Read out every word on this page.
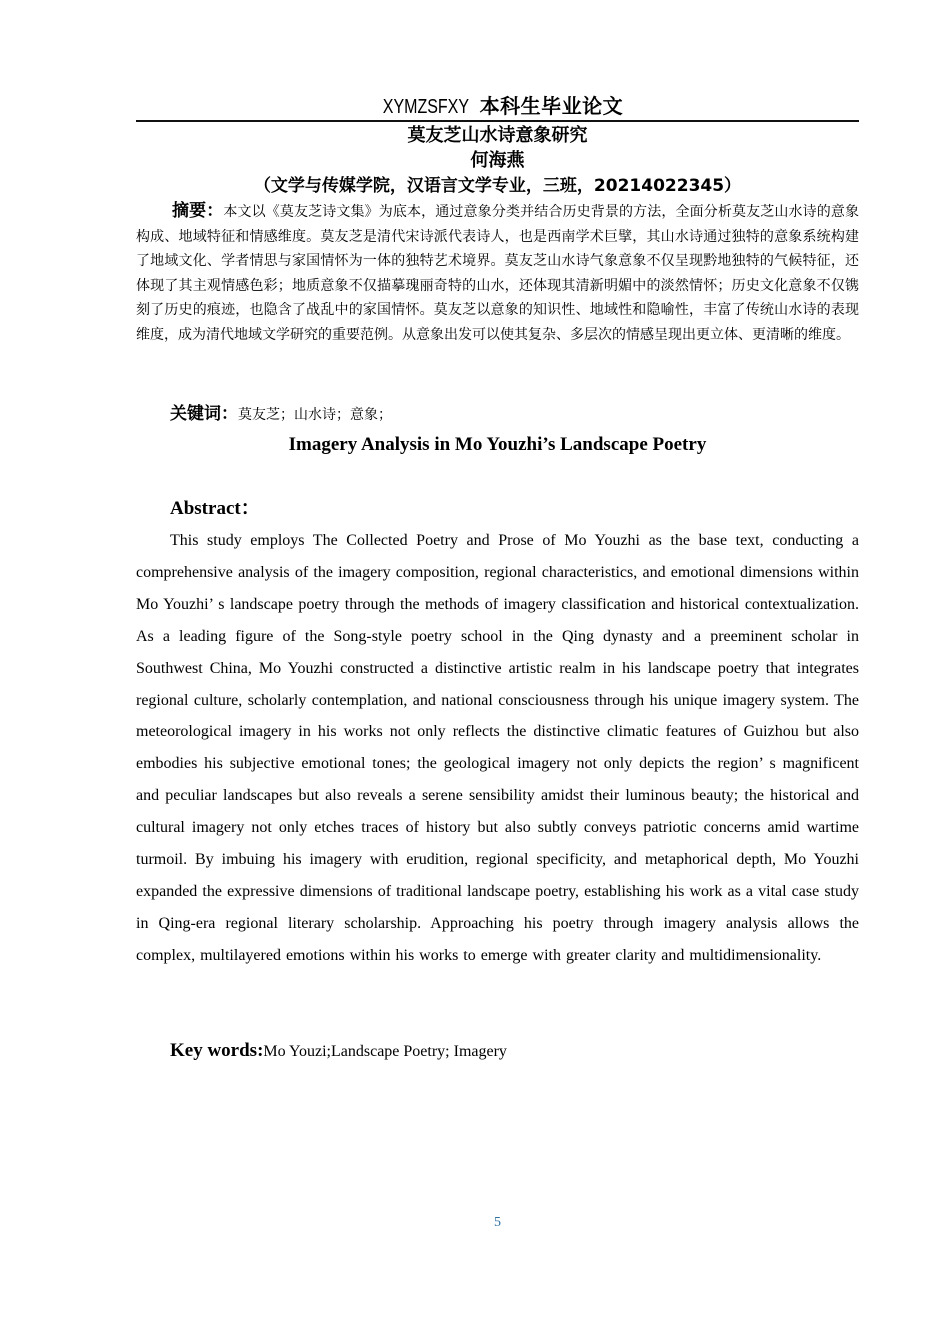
XYMZSFXY 本科生毕业论文
莫友芝山水诗意象研究
何海燕
（文学与传媒学院，汉语言文学专业，三班，20214022345）
摘要：本文以《莫友芝诗文集》为底本，通过意象分类并结合历史背景的方法，全面分析莫友芝山水诗的意象构成、地域特征和情感维度。莫友芝是清代宋诗派代表诗人，也是西南学术巨擘，其山水诗通过独特的意象系统构建了地域文化、学者情思与家国情怀为一体的独特艺术境界。莫友芝山水诗气象意象不仅呈现黔地独特的气候特征，还体现了其主观情感色彩；地质意象不仅描摹瑰丽奇特的山水，还体现其清新明媚中的淡然情怀；历史文化意象不仅镌刻了历史的痕迹，也隐含了战乱中的家国情怀。莫友芝以意象的知识性、地域性和隐喻性，丰富了传统山水诗的表现维度，成为清代地域文学研究的重要范例。从意象出发可以使其复杂、多层次的情感呈现出更立体、更清晰的维度。
关键词：莫友芝；山水诗；意象；
Imagery Analysis in Mo Youzhi’s Landscape Poetry
Abstract：
This study employs The Collected Poetry and Prose of Mo Youzhi as the base text, conducting a comprehensive analysis of the imagery composition, regional characteristics, and emotional dimensions within Mo Youzhi’ s landscape poetry through the methods of imagery classification and historical contextualization. As a leading figure of the Song-style poetry school in the Qing dynasty and a preeminent scholar in Southwest China, Mo Youzhi constructed a distinctive artistic realm in his landscape poetry that integrates regional culture, scholarly contemplation, and national consciousness through his unique imagery system. The meteorological imagery in his works not only reflects the distinctive climatic features of Guizhou but also embodies his subjective emotional tones; the geological imagery not only depicts the region’ s magnificent and peculiar landscapes but also reveals a serene sensibility amidst their luminous beauty; the historical and cultural imagery not only etches traces of history but also subtly conveys patriotic concerns amid wartime turmoil. By imbuing his imagery with erudition, regional specificity, and metaphorical depth, Mo Youzhi expanded the expressive dimensions of traditional landscape poetry, establishing his work as a vital case study in Qing-era regional literary scholarship. Approaching his poetry through imagery analysis allows the complex, multilayered emotions within his works to emerge with greater clarity and multidimensionality.
Key words:Mo Youzi;Landscape Poetry; Imagery
5
